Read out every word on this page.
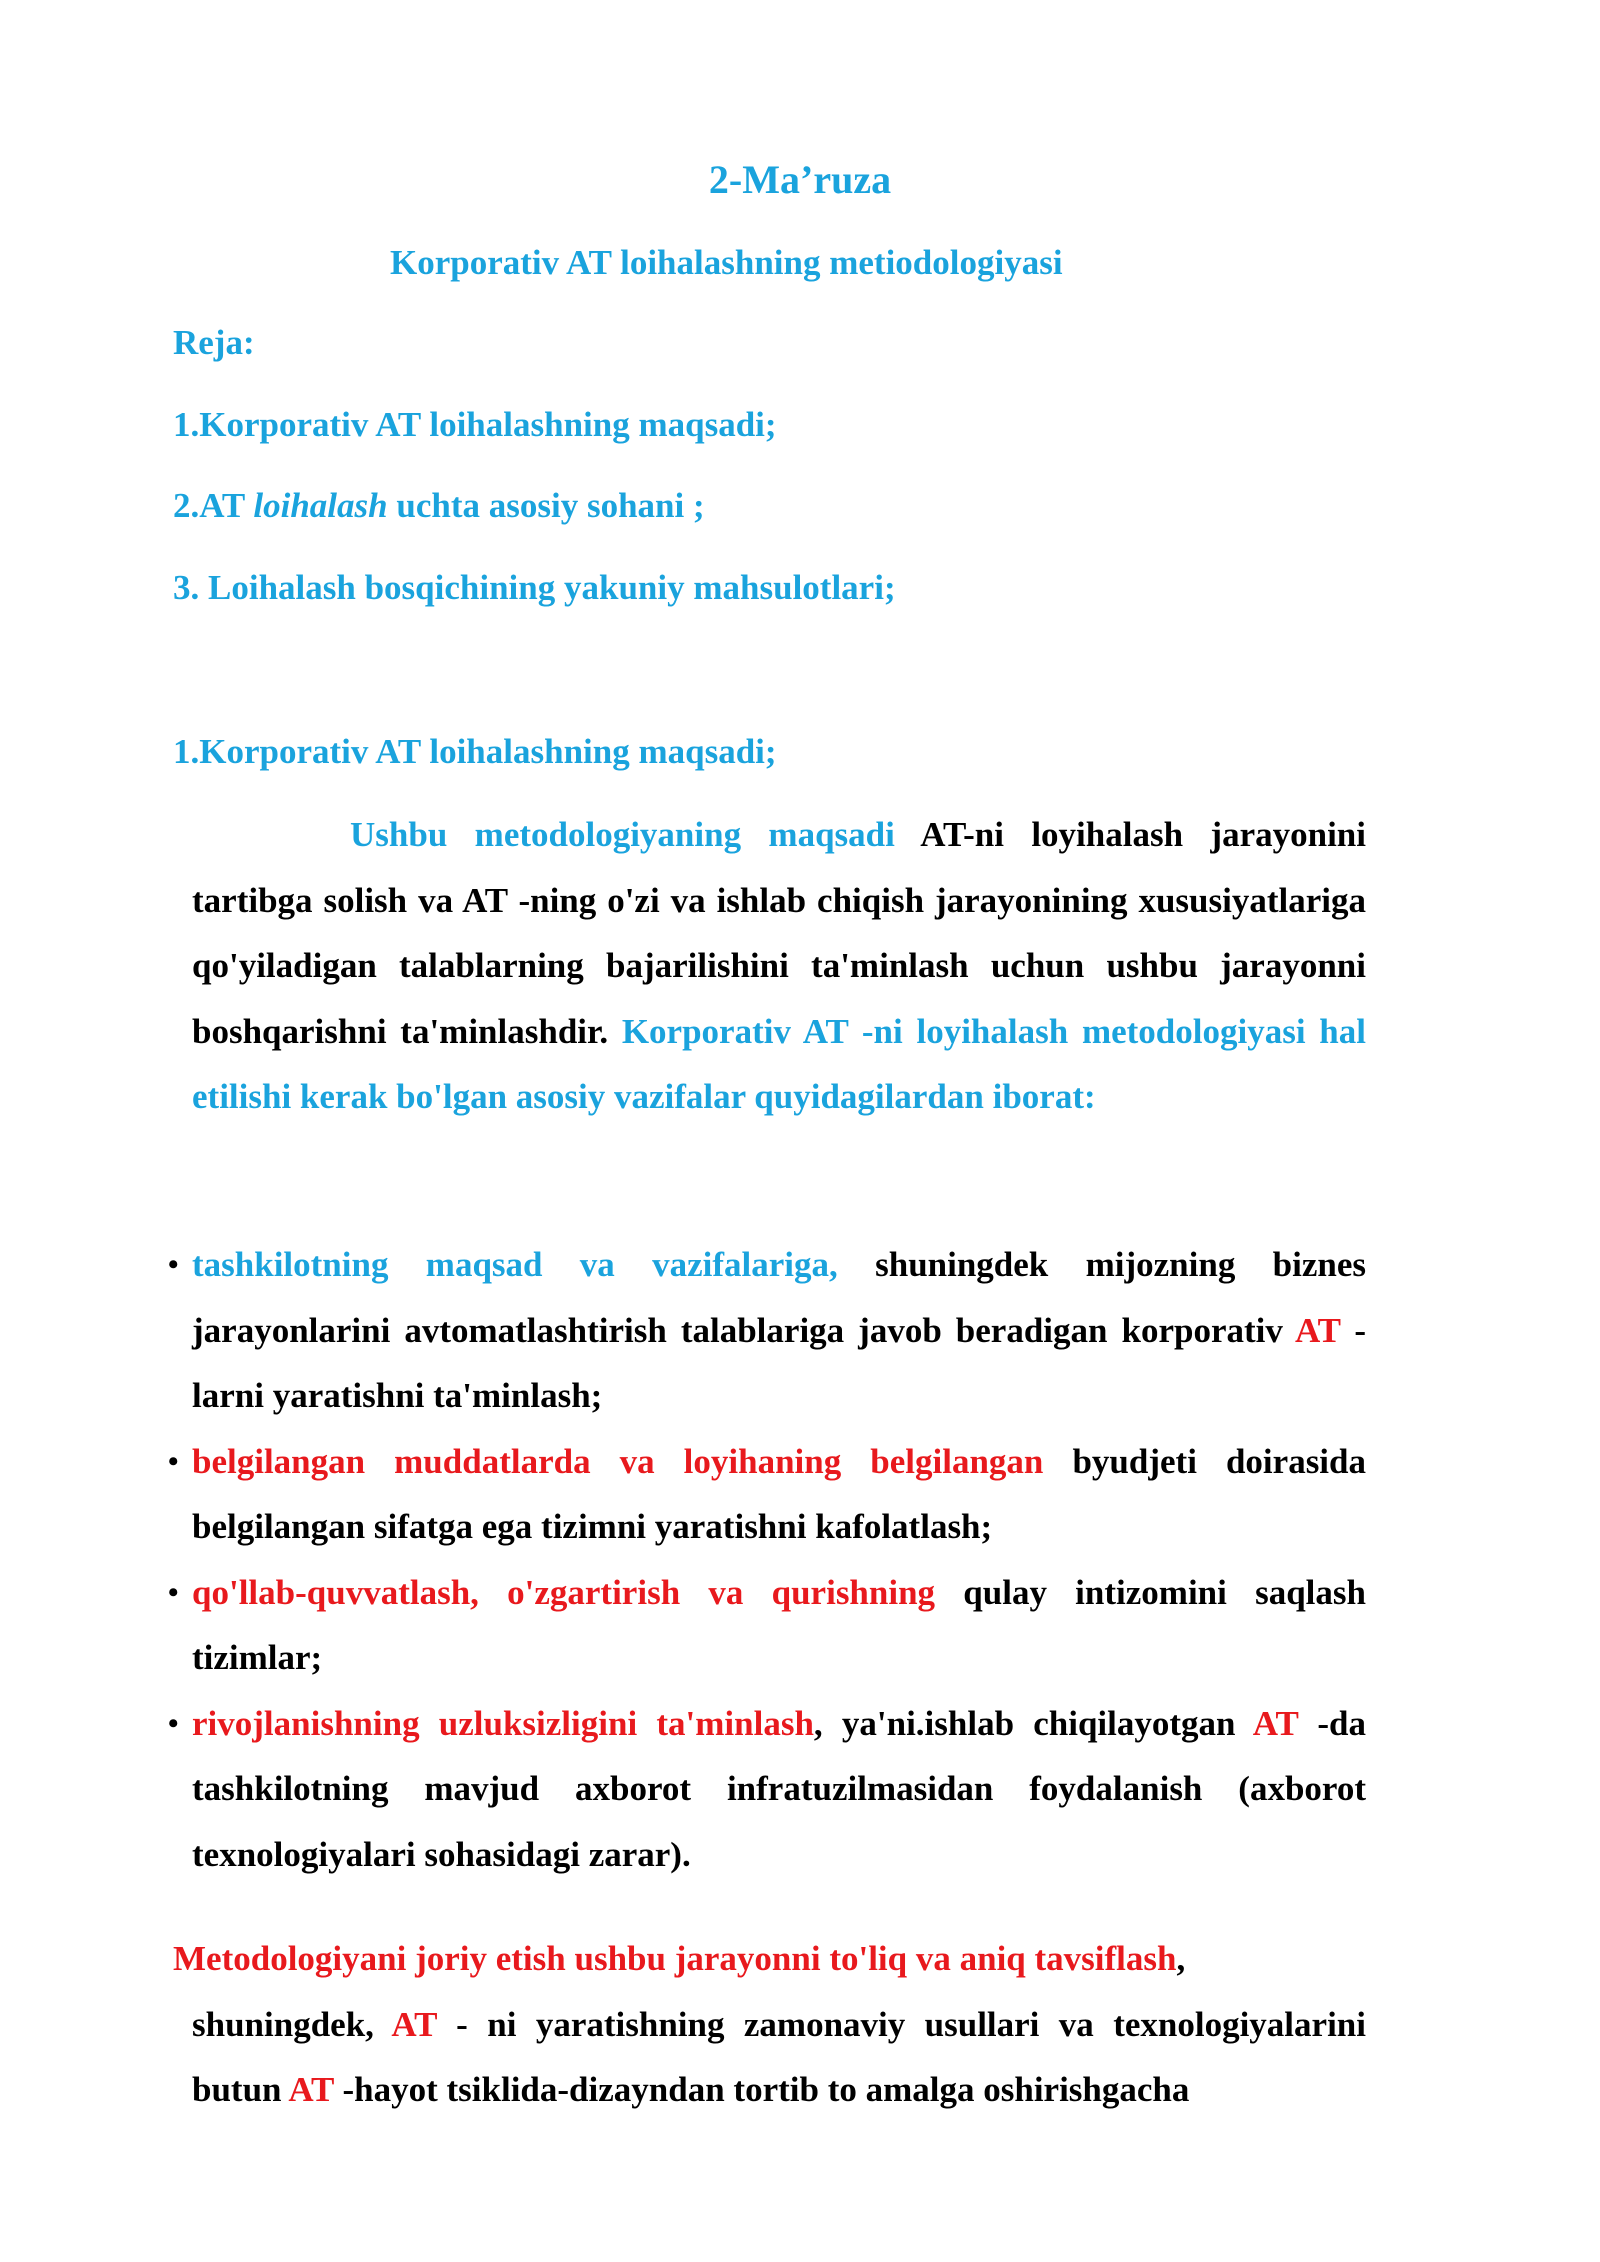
2-Ma’ruza
Korporativ AT loihalashning metiodologiyasi
Reja:
1.Korporativ AT loihalashning maqsadi;
2.AT loihalash uchta asosiy sohani ;
3. Loihalash bosqichining yakuniy mahsulotlari;
1.Korporativ AT loihalashning maqsadi;
Ushbu metodologiyaning maqsadi AT-ni loyihalash jarayonini tartibga solish va AT -ning o'zi va ishlab chiqish jarayonining xususiyatlariga qo'yiladigan talablarning bajarilishini ta'minlash uchun ushbu jarayonni boshqarishni ta'minlashdir. Korporativ AT -ni loyihalash metodologiyasi hal etilishi kerak bo'lgan asosiy vazifalar quyidagilardan iborat:
• tashkilotning maqsad va vazifalariga, shuningdek mijozning biznes jarayonlarini avtomatlashtirish talablariga javob beradigan korporativ AT -larni yaratishni ta'minlash;
• belgilangan muddatlarda va loyihaning belgilangan byudjeti doirasida belgilangan sifatga ega tizimni yaratishni kafolatlash;
• qo'llab-quvvatlash, o'zgartirish va qurishning qulay intizomini saqlash tizimlar;
• rivojlanishning uzluksizligini ta'minlash, ya'ni.ishlab chiqilayotgan AT -da tashkilotning mavjud axborot infratuzilmasidan foydalanish (axborot texnologiyalari sohasidagi zarar).
Metodologiyani joriy etish ushbu jarayonni to'liq va aniq tavsiflash,
shuningdek, AT - ni yaratishning zamonaviy usullari va texnologiyalarini butun AT -hayot tsiklida-dizayndan tortib to amalga oshirishgacha
